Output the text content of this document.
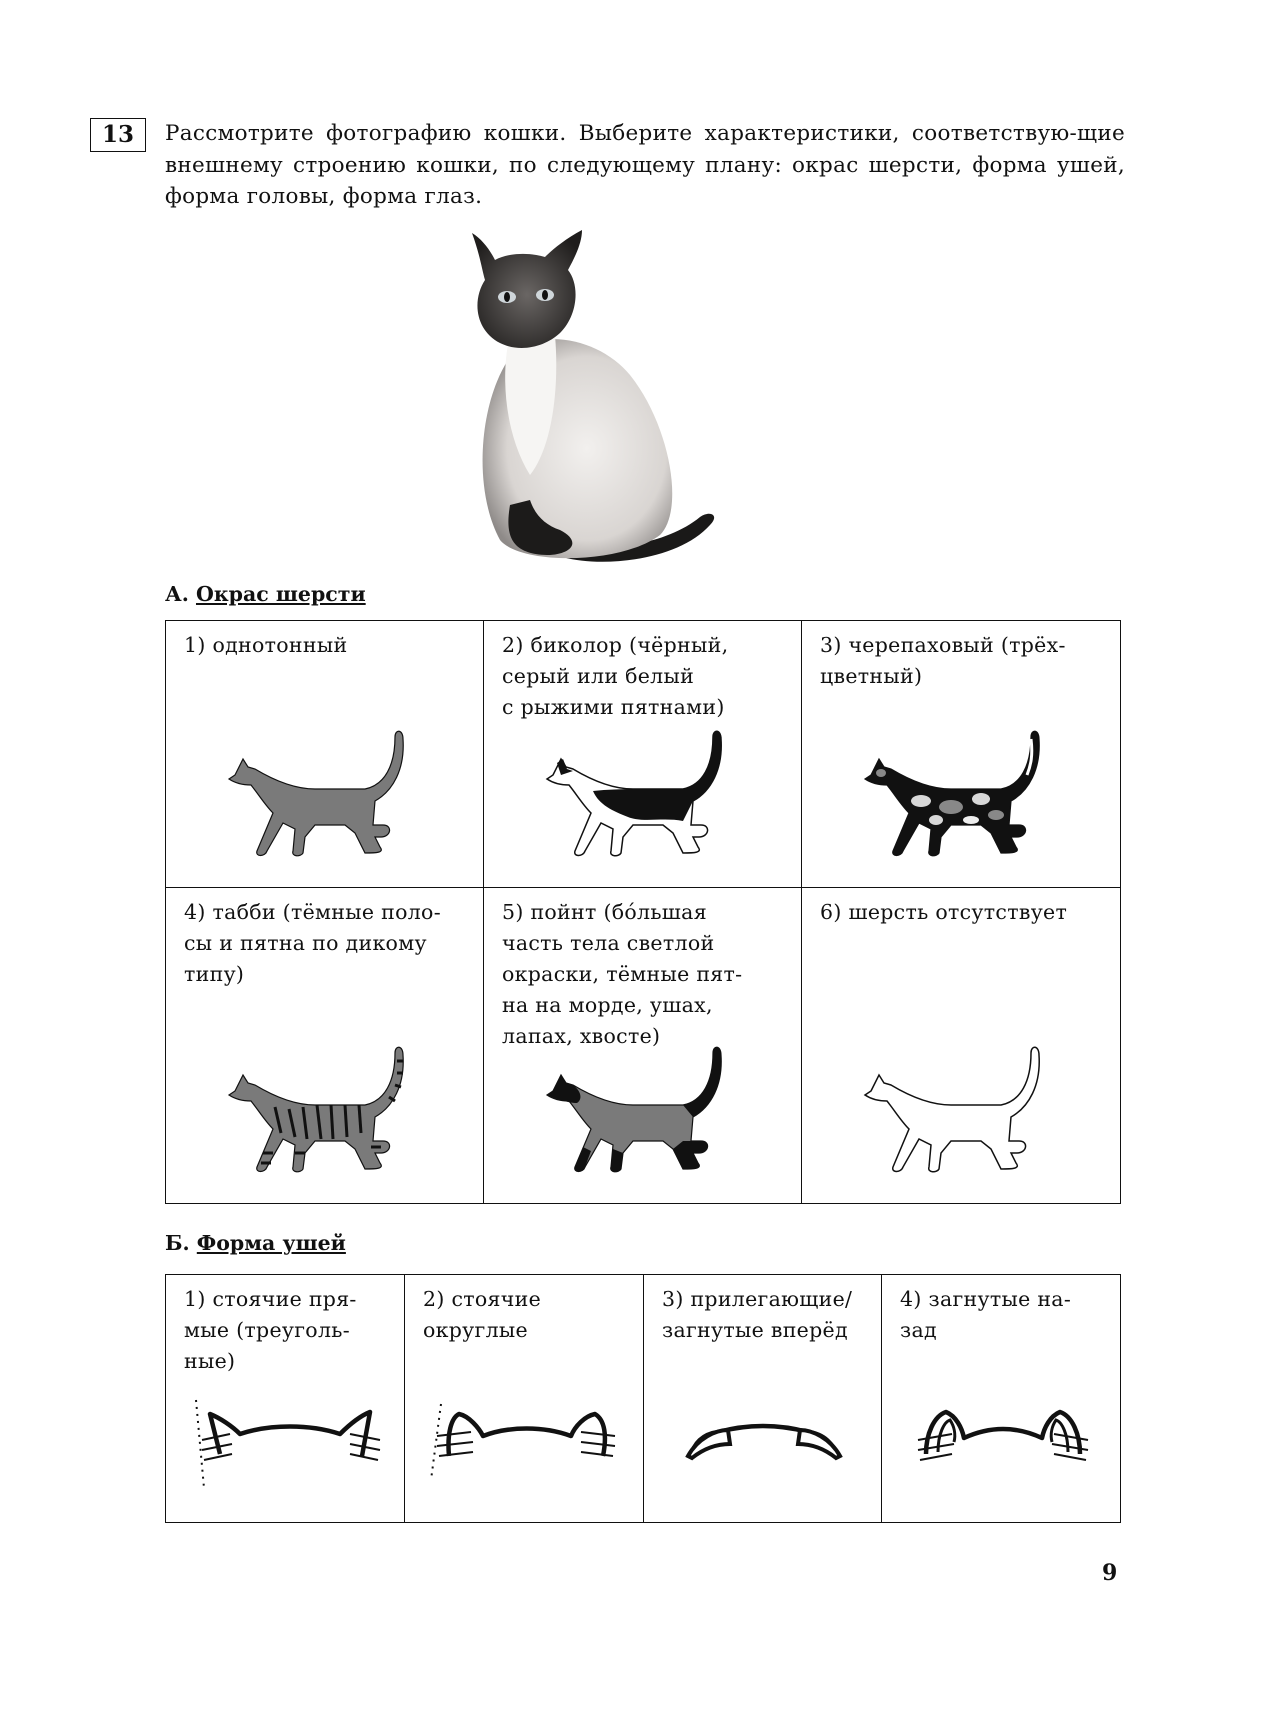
13	Рассмотрите фотографию кошки. Выберите характеристики, соответствую-щие внешнему строению кошки, по следующему плану: окрас шерсти, форма ушей, форма головы, форма глаз.
А. Окрас шерсти
1) однотонный	2) биколор (чёрный,
серый или белый
с рыжими пятнами)	3) черепаховый (трёх-
цветный)

4) табби (тёмные поло-
сы и пятна по дикому
типу)	5) пойнт (бóльшая
часть тела светлой
окраски, тёмные пят-
на на морде, ушах,
лапах, хвосте)	6) шерсть отсутствует
Б. Форма ушей
1) стоячие пря-
мые (треуголь-
ные)

2) стоячие
округлые

3) прилегающие/
загнутые вперёд

4) загнутые на-
зад
9
